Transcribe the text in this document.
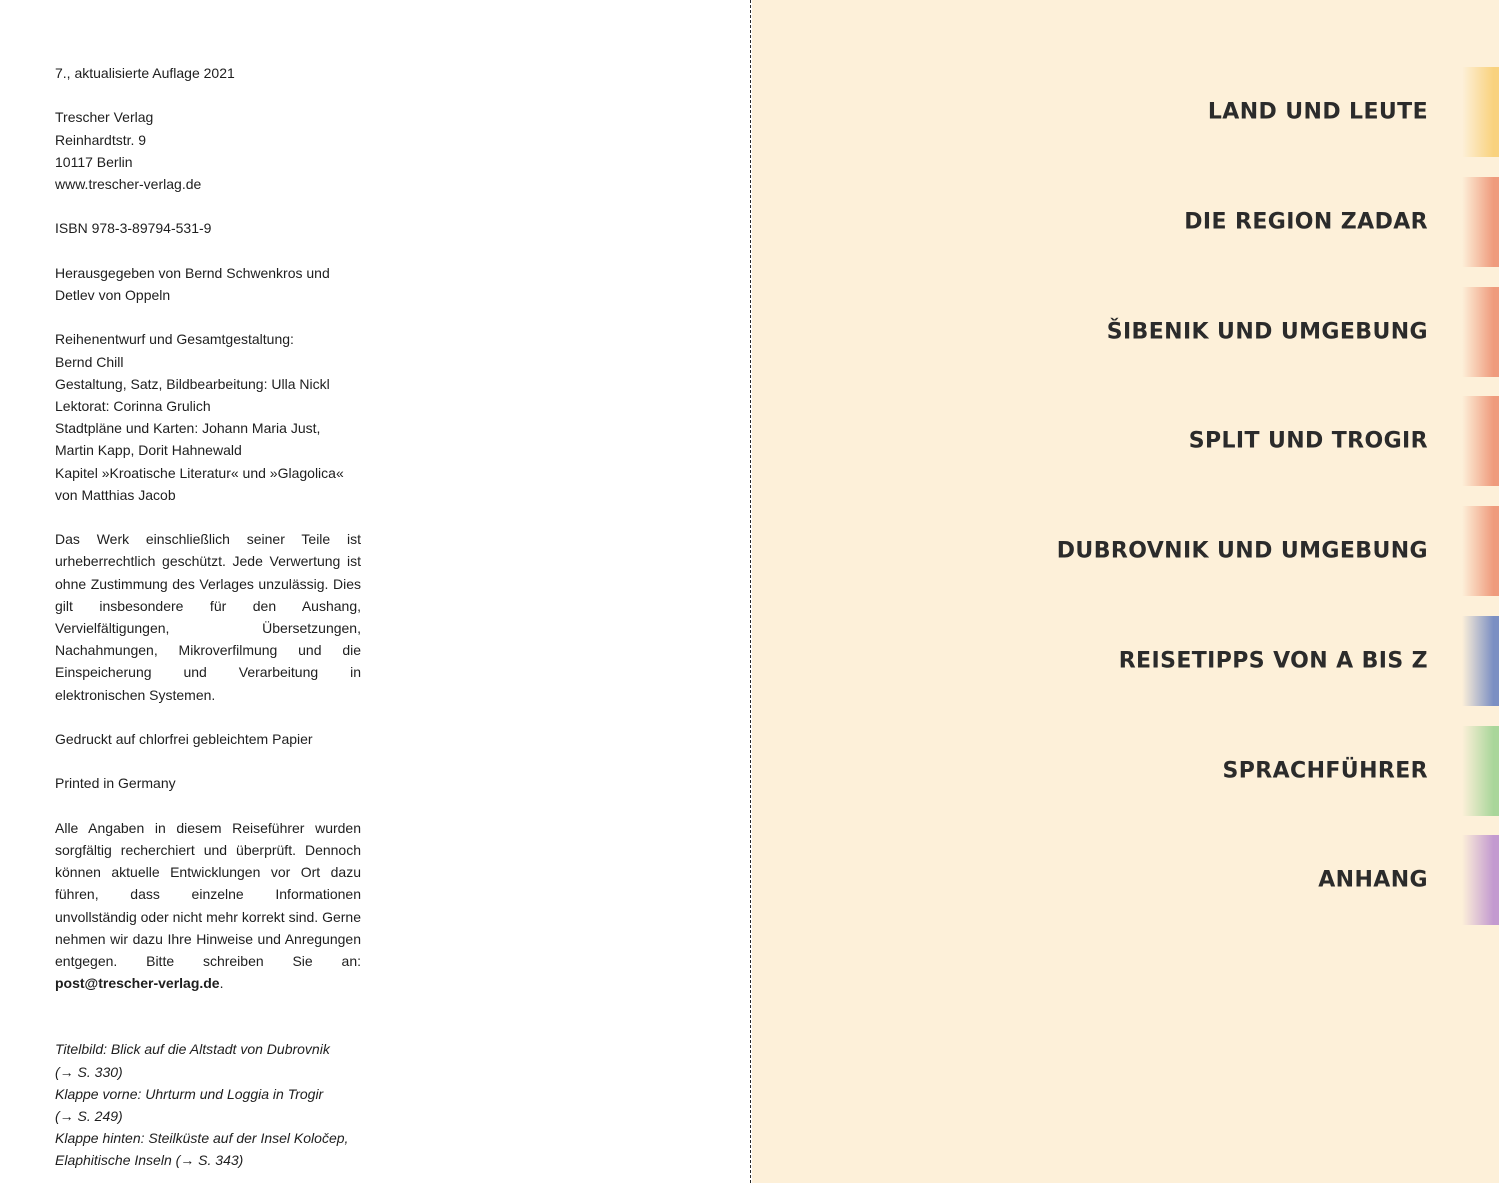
7., aktualisierte Auflage 2021

Trescher Verlag
Reinhardtstr. 9
10117 Berlin
www.trescher-verlag.de

ISBN 978-3-89794-531-9

Herausgegeben von Bernd Schwenkros und
Detlev von Oppeln

Reihenentwurf und Gesamtgestaltung:
Bernd Chill
Gestaltung, Satz, Bildbearbeitung: Ulla Nickl
Lektorat: Corinna Grulich
Stadtpläne und Karten: Johann Maria Just,
Martin Kapp, Dorit Hahnewald
Kapitel »Kroatische Literatur« und »Glagolica«
von Matthias Jacob

Das Werk einschließlich seiner Teile ist urheberrechtlich geschützt. Jede Verwertung ist ohne Zustimmung des Verlages unzulässig. Dies gilt insbesondere für den Aushang, Vervielfältigungen, Übersetzungen, Nachahmungen, Mikroverfilmung und die Einspeicherung und Verarbeitung in elektronischen Systemen.

Gedruckt auf chlorfrei gebleichtem Papier

Printed in Germany

Alle Angaben in diesem Reiseführer wurden sorgfältig recherchiert und überprüft. Dennoch können aktuelle Entwicklungen vor Ort dazu führen, dass einzelne Informationen unvollständig oder nicht mehr korrekt sind. Gerne nehmen wir dazu Ihre Hinweise und Anregungen entgegen. Bitte schreiben Sie an: post@trescher-verlag.de.

Titelbild: Blick auf die Altstadt von Dubrovnik
(→ S. 330)
Klappe vorne: Uhrturm und Loggia in Trogir
(→ S. 249)
Klappe hinten: Steilküste auf der Insel Koločep,
Elaphitische Inseln (→ S. 343)
LAND UND LEUTE
DIE REGION ZADAR
ŠIBENIK UND UMGEBUNG
SPLIT UND TROGIR
DUBROVNIK UND UMGEBUNG
REISETIPPS VON A BIS Z
SPRACHFÜHRER
ANHANG
